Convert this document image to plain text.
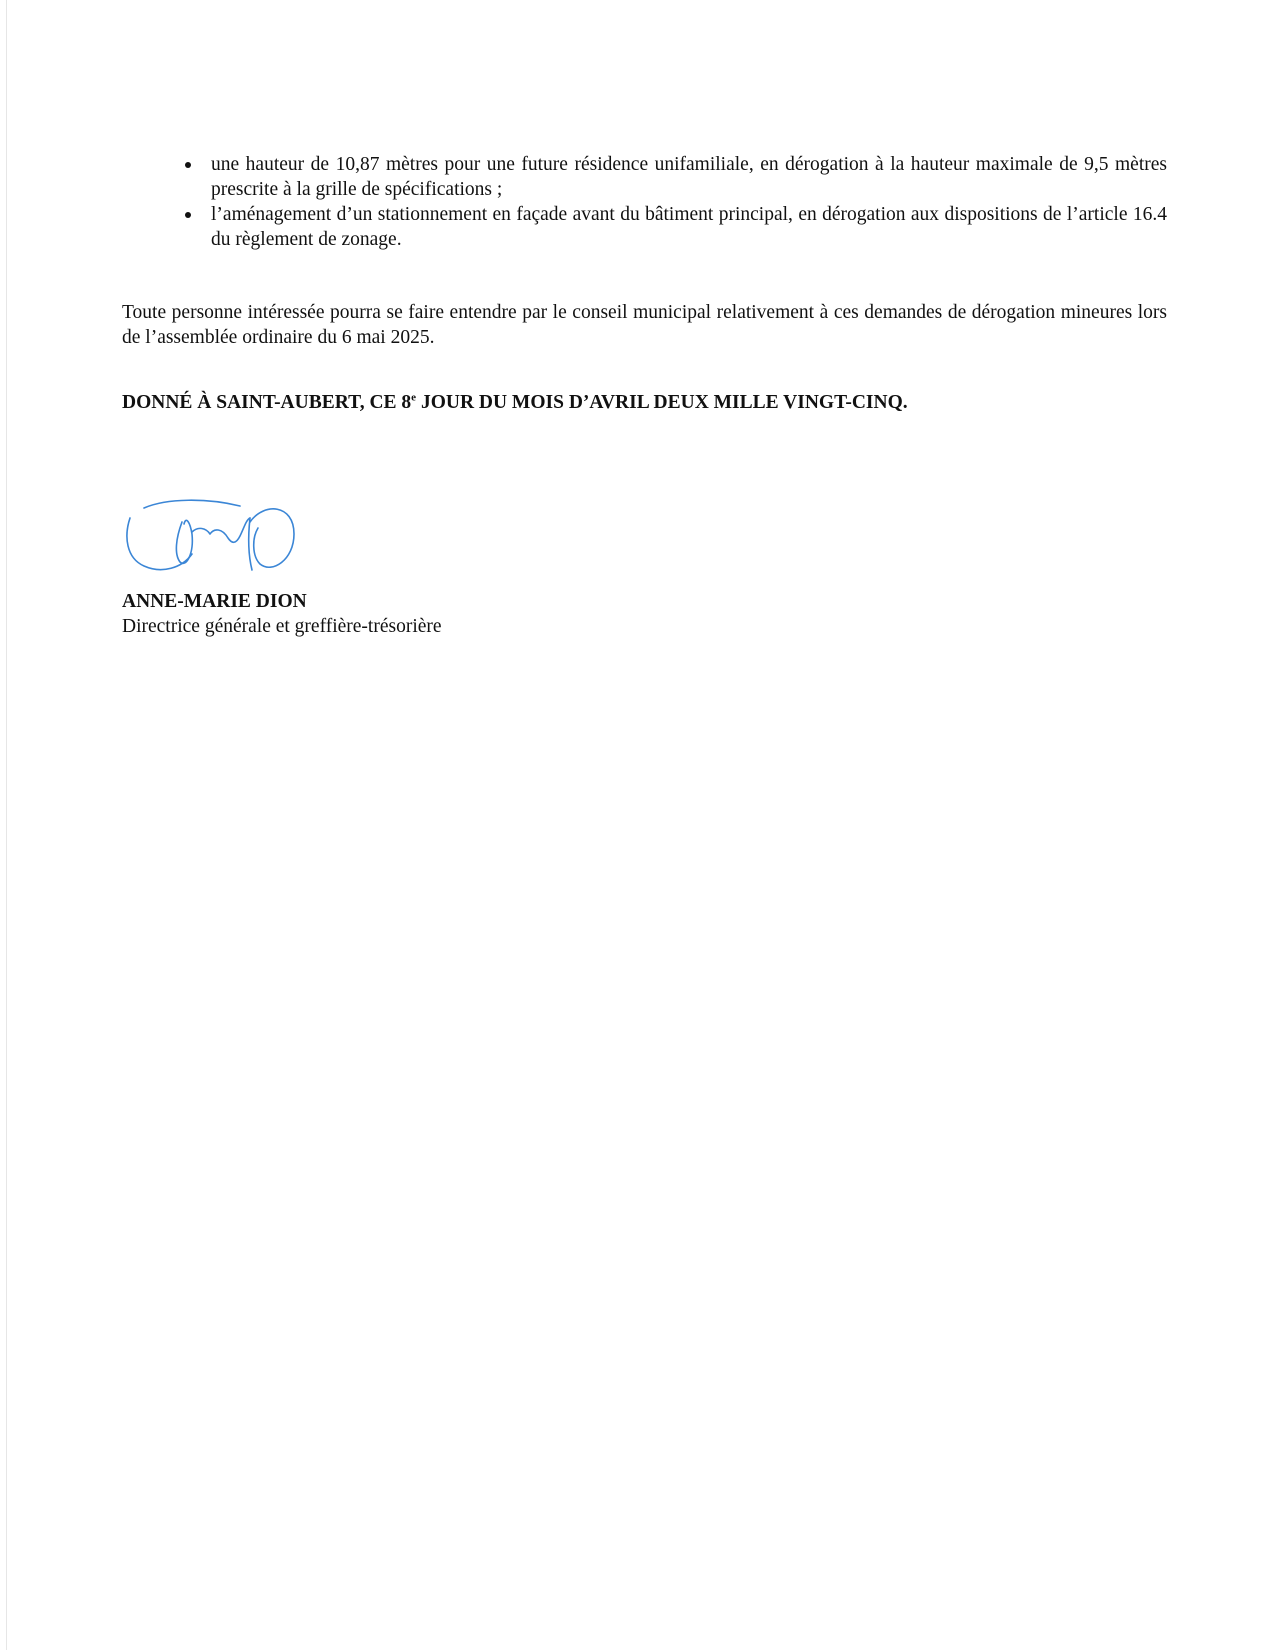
une hauteur de 10,87 mètres pour une future résidence unifamiliale, en dérogation à la hauteur maximale de 9,5 mètres prescrite à la grille de spécifications ;
l’aménagement d’un stationnement en façade avant du bâtiment principal, en dérogation aux dispositions de l’article 16.4 du règlement de zonage.

Toute personne intéressée pourra se faire entendre par le conseil municipal relativement à ces demandes de dérogation mineures lors de l’assemblée ordinaire du 6 mai 2025.

DONNÉ À SAINT-AUBERT, CE 8e JOUR DU MOIS D’AVRIL DEUX MILLE VINGT-CINQ.

ANNE-MARIE DION
Directrice générale et greffière-trésorière
